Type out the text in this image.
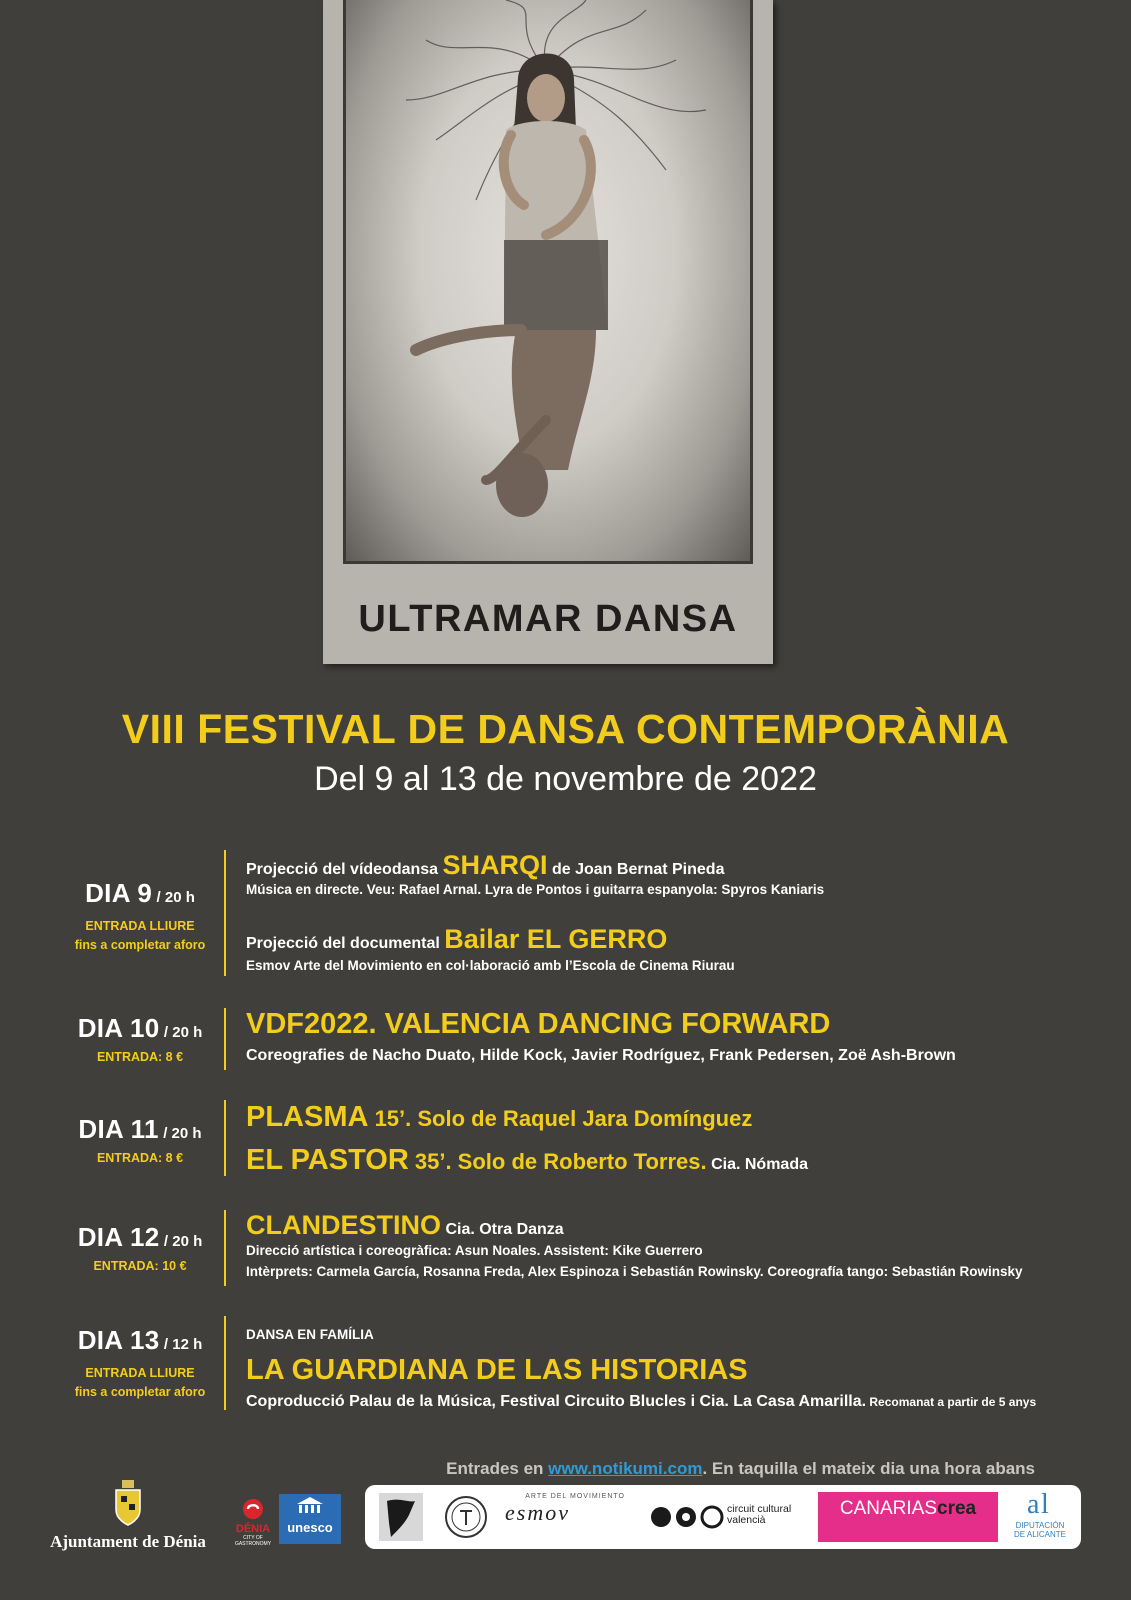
ULTRAMAR DANSA
VIII FESTIVAL DE DANSA CONTEMPORÀNIA
Del 9 al 13 de novembre de 2022
DIA 9 / 20 h
ENTRADA LLIURE
fins a completar aforo
Projecció del vídeodansa SHARQI de Joan Bernat Pineda
Música en directe. Veu: Rafael Arnal. Lyra de Pontos i guitarra espanyola: Spyros Kaniaris
Projecció del documental Bailar EL GERRO
Esmov Arte del Movimiento en col·laboració amb l’Escola de Cinema Riurau
DIA 10 / 20 h
ENTRADA: 8 €
VDF2022. VALENCIA DANCING FORWARD
Coreografies de Nacho Duato, Hilde Kock, Javier Rodríguez, Frank Pedersen, Zoë Ash-Brown
DIA 11 / 20 h
ENTRADA: 8 €
PLASMA 15’. Solo de Raquel Jara Domínguez
EL PASTOR 35’. Solo de Roberto Torres. Cia. Nómada
DIA 12 / 20 h
ENTRADA: 10 €
CLANDESTINO Cia. Otra Danza
Direcció artística i coreogràfica: Asun Noales. Assistent: Kike Guerrero
Intèrprets: Carmela García, Rosanna Freda, Alex Espinoza i Sebastián Rowinsky. Coreografía tango: Sebastián Rowinsky
DIA 13 / 12 h
ENTRADA LLIURE
fins a completar aforo
DANSA EN FAMÍLIA
LA GUARDIANA DE LAS HISTORIAS
Coproducció Palau de la Música, Festival Circuito Blucles i Cia. La Casa Amarilla. Recomanat a partir de 5 anys
Entrades en www.notikumi.com. En taquilla el mateix dia una hora abans
Ajuntament de Dénia
DÉNIA
CITY OF GASTRONOMY
unesco
ARTE DEL MOVIMIENTO
esmov	circuit cultural
valencià
CANARIAScrea	a l
DIPUTACIÓN
DE ALICANTE
